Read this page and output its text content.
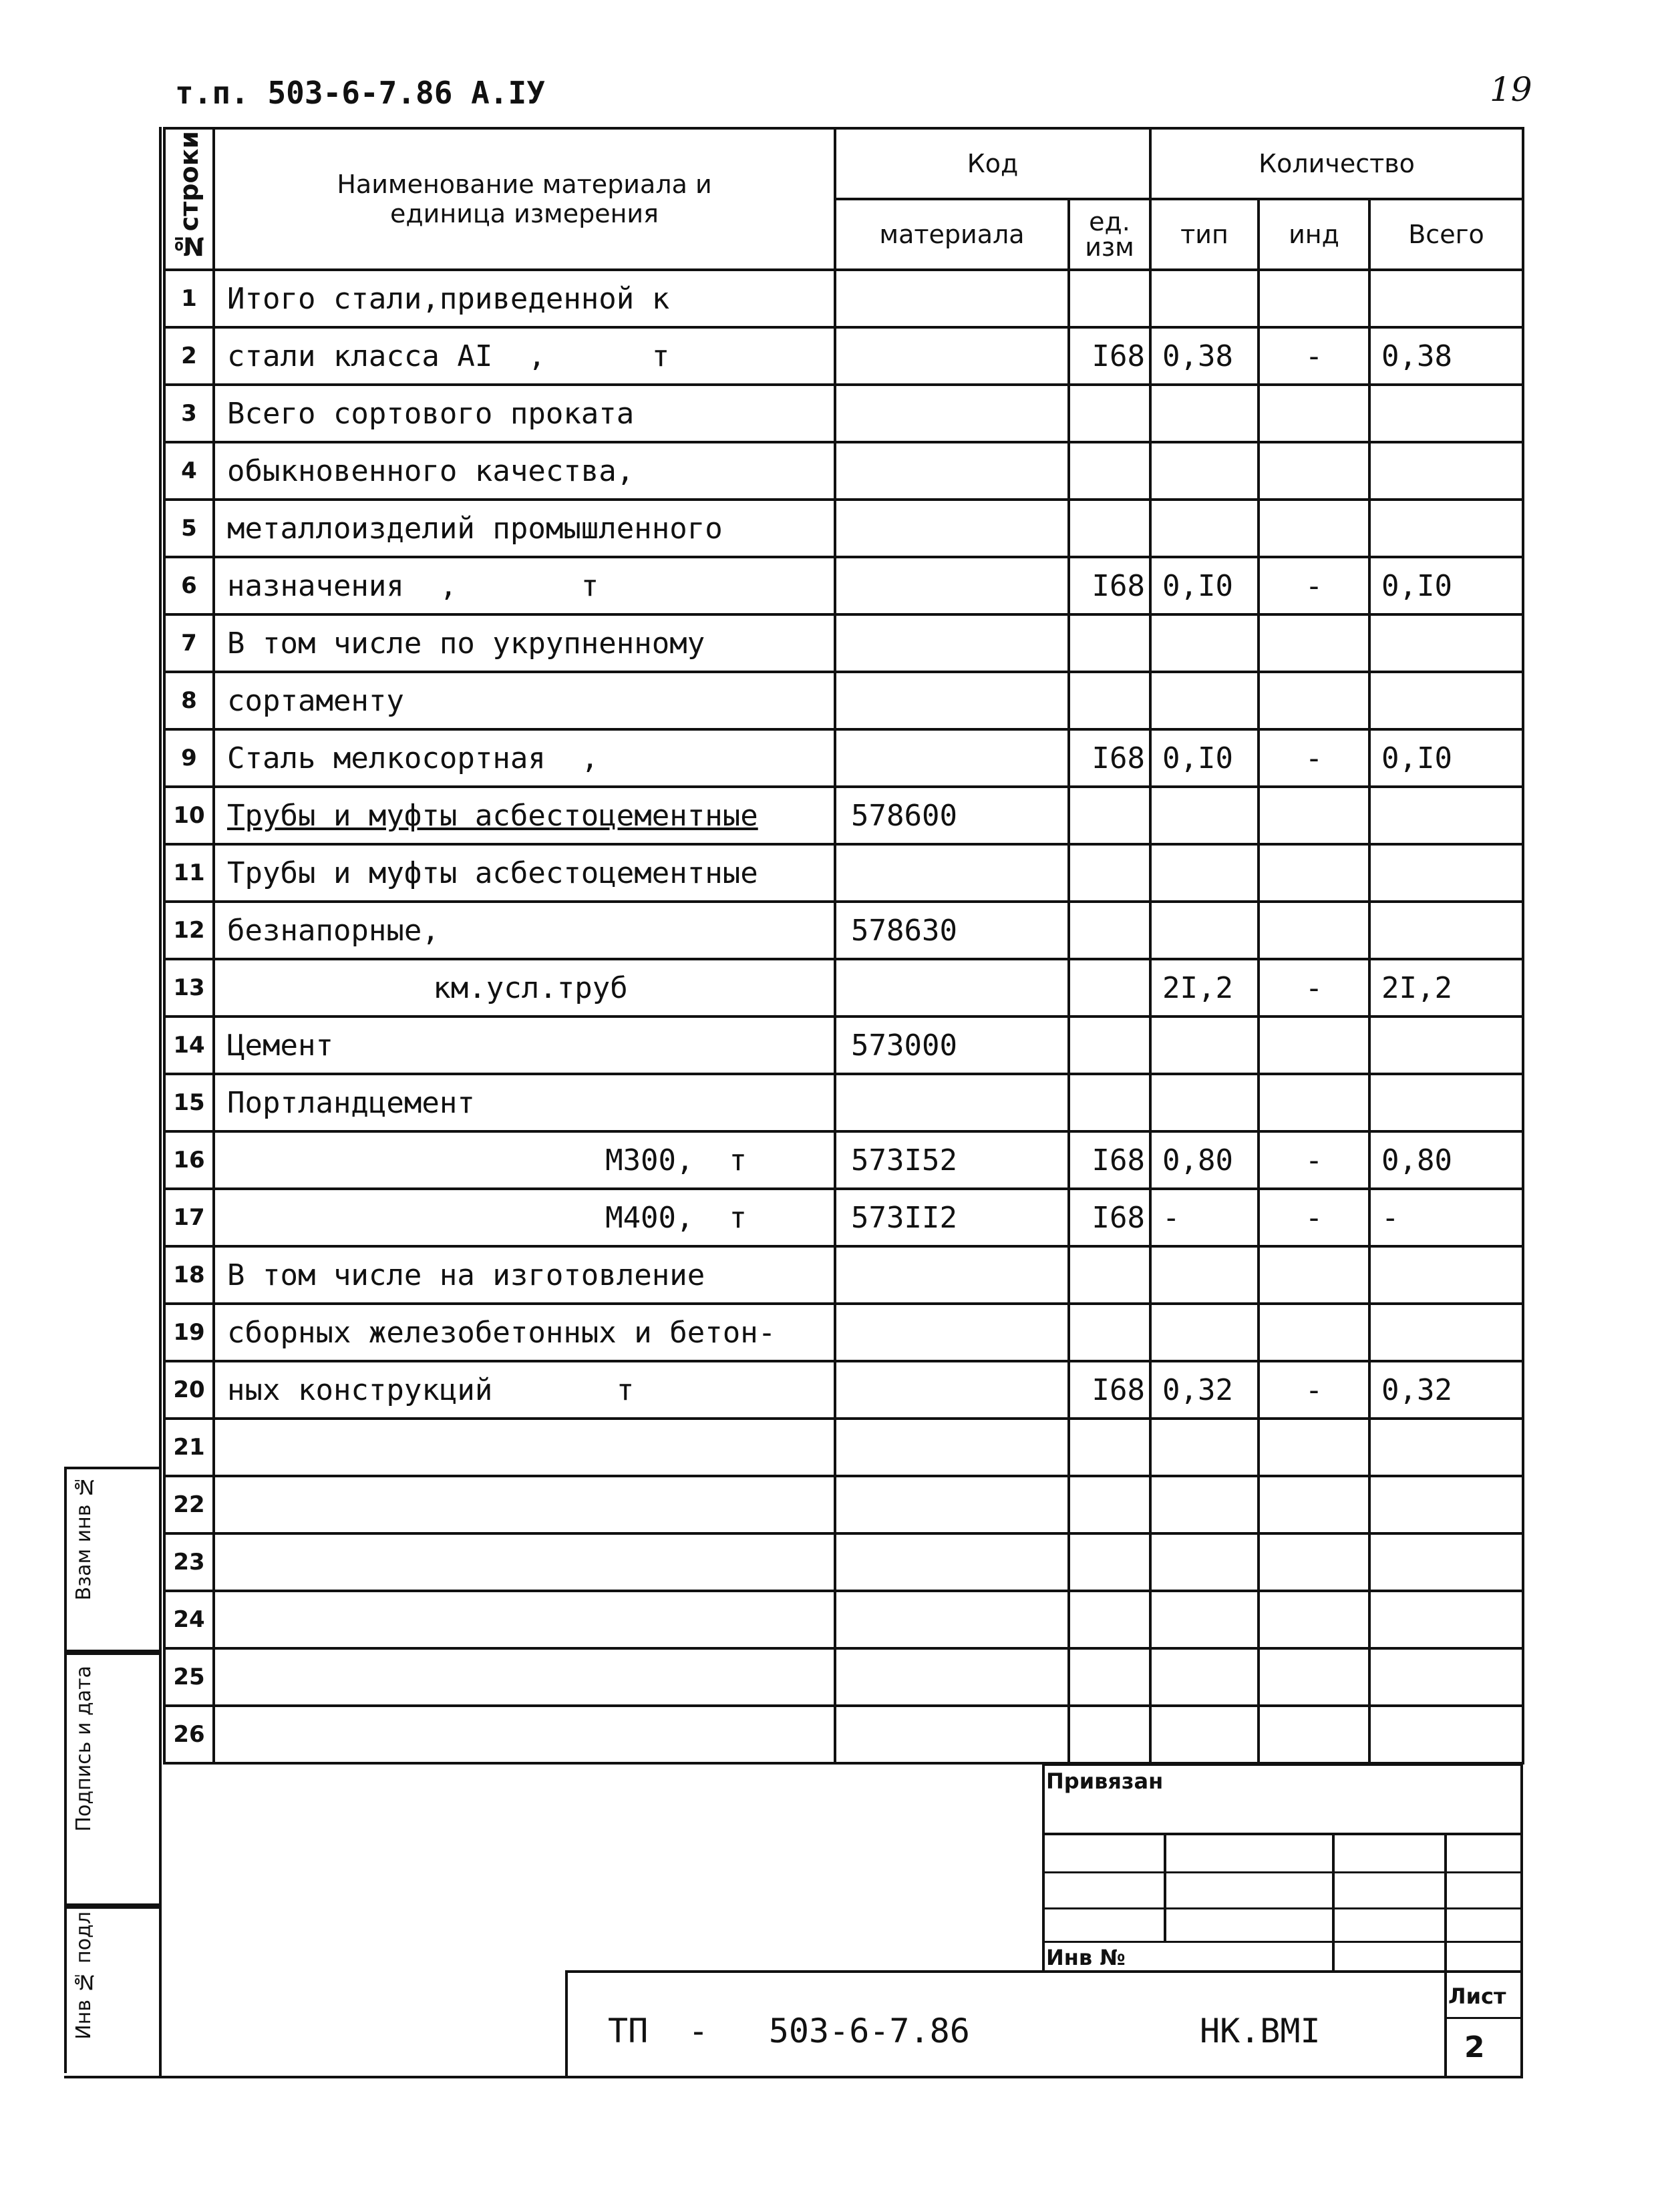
т.п. 503-6-7.86 А.IУ	19
№строки	Наименование материала и единица измерения	Код		Количество		
		материала	ед. изм	тип	инд	Всего
1	Итого стали,приведенной к					
2	стали класса AI  ,      т		I68	0,38	-	0,38
3	Всего сортового проката					
4	обыкновенного качества,					
5	металлоизделий промышленного					
6	назначения  ,       т		I68	0,I0	-	0,I0
7	В том числе по укрупненному					
8	сортаменту					
9	Сталь мелкосортная  ,		I68	0,I0	-	0,I0
10	Трубы и муфты асбестоцементные	578600				
11	Трубы и муфты асбестоцементные					
12	безнапорные,	578630				
13	км.усл.труб			2I,2	-	2I,2
14	Цемент	573000				
15	Портландцемент					
16	М300,  т	573I52	I68	0,80	-	0,80
17	М400,  т	573II2	I68	-	-	-
18	В том числе на изготовление					
19	сборных железобетонных и бетон-					
20	ных конструкций       т		I68	0,32	-	0,32
21						
22						
23						
24						
25						
26						
Взам инв №
Подпись и дата
Инв № подл
Привязан
Инв №
ТП  -   503-6-7.86	НК.ВМI
Лист
2
